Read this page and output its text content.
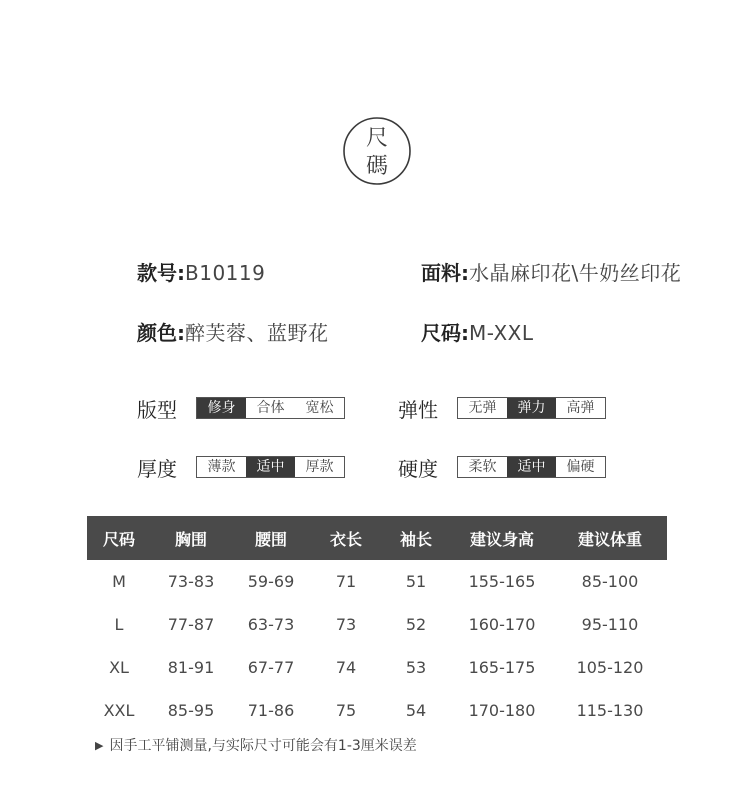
尺
碼
款号:B10119	面料:水晶麻印花\牛奶丝印花
颜色:醉芙蓉、蓝野花	尺码:M-XXL
版型	修身	合体	宽松	弹性	无弹	弹力	高弹
厚度	薄款	适中	厚款	硬度	柔软	适中	偏硬
尺码	胸围	腰围	衣长	袖长	建议身高	建议体重
M	73-83	59-69	71	51	155-165	85-100
L	77-87	63-73	73	52	160-170	95-110
XL	81-91	67-77	74	53	165-175	105-120
XXL	85-95	71-86	75	54	170-180	115-130
▶ 因手工平铺测量,与实际尺寸可能会有1-3厘米误差
